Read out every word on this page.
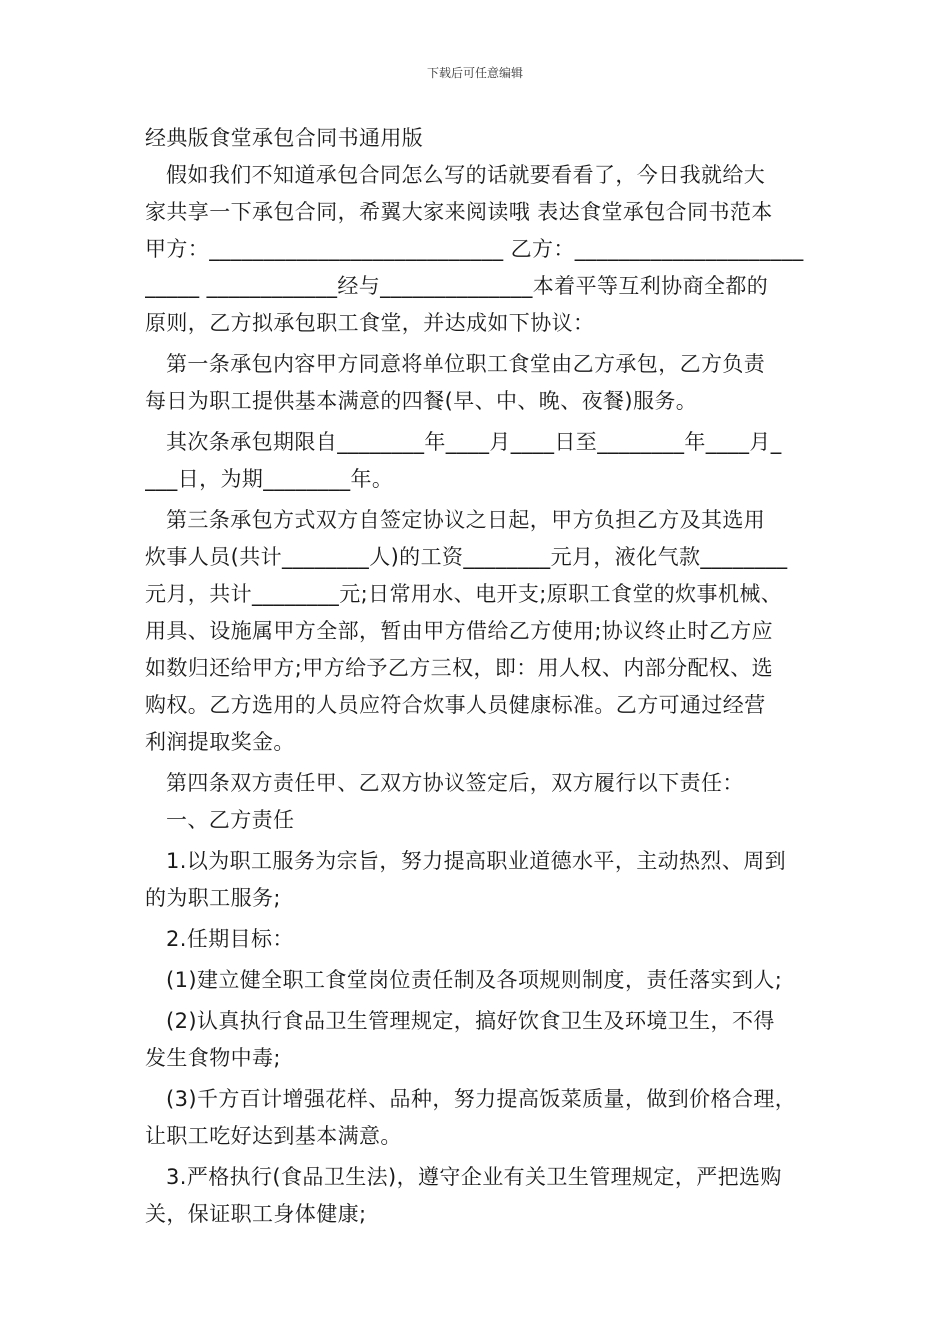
下载后可任意编辑
经典版食堂承包合同书通用版
假如我们不知道承包合同怎么写的话就要看看了，今日我就给大
家共享一下承包合同，希翼大家来阅读哦 表达食堂承包合同书范本
甲方：___________________________ 乙方：_____________________
_____ ____________经与______________本着平等互利协商全都的
原则，乙方拟承包职工食堂，并达成如下协议：
第一条承包内容甲方同意将单位职工食堂由乙方承包，乙方负责
每日为职工提供基本满意的四餐(早、中、晚、夜餐)服务。
其次条承包期限自________年____月____日至________年____月_
___日，为期________年。
第三条承包方式双方自签定协议之日起，甲方负担乙方及其选用
炊事人员(共计________人)的工资________元月，液化气款________
元月，共计________元;日常用水、电开支;原职工食堂的炊事机械、
用具、设施属甲方全部，暂由甲方借给乙方使用;协议终止时乙方应
如数归还给甲方;甲方给予乙方三权，即：用人权、内部分配权、选
购权。乙方选用的人员应符合炊事人员健康标准。乙方可通过经营
利润提取奖金。
第四条双方责任甲、乙双方协议签定后，双方履行以下责任：
一、乙方责任
1.以为职工服务为宗旨，努力提高职业道德水平，主动热烈、周到
的为职工服务;
2.任期目标：
(1)建立健全职工食堂岗位责任制及各项规则制度，责任落实到人;
(2)认真执行食品卫生管理规定，搞好饮食卫生及环境卫生，不得
发生食物中毒;
(3)千方百计增强花样、品种，努力提高饭菜质量，做到价格合理，
让职工吃好达到基本满意。
3.严格执行(食品卫生法)，遵守企业有关卫生管理规定，严把选购
关，保证职工身体健康;
